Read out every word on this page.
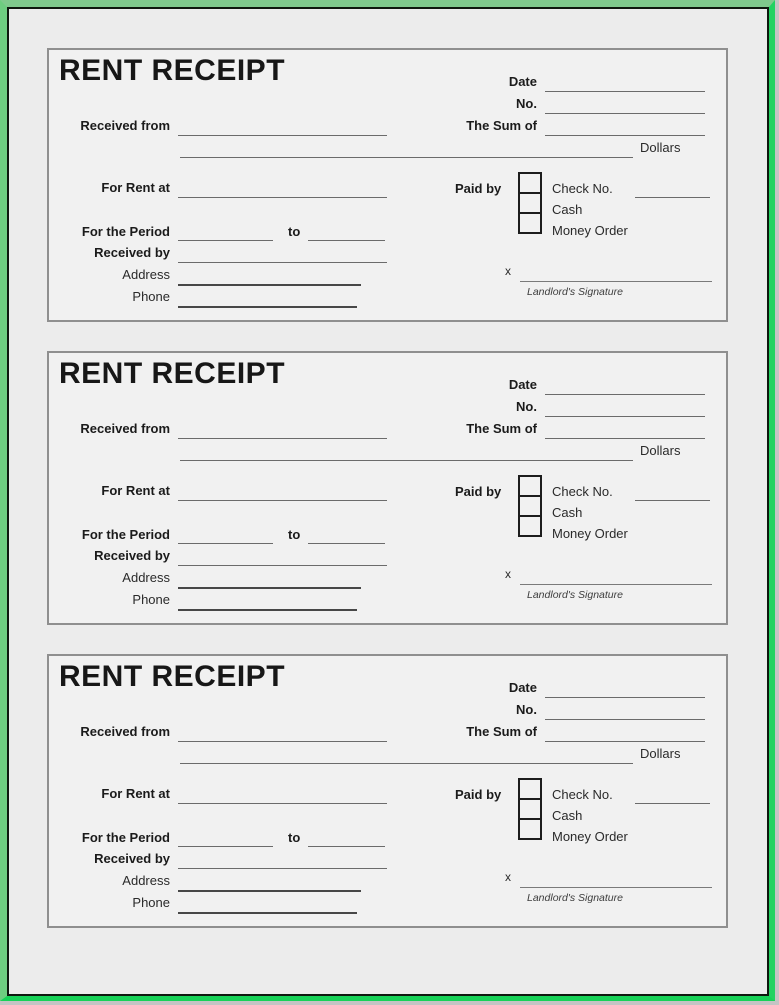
RENT RECEIPT	Date
No.
The Sum of
Received from
Dollars
For Rent at	Paid by	Check No.
Cash
Money Order
For the Period	to
Received by
Address
Phone
x
Landlord's Signature
RENT RECEIPT	Date
No.
The Sum of
Received from
Dollars
For Rent at	Paid by	Check No.
Cash
Money Order
For the Period	to
Received by
Address
Phone
x
Landlord's Signature
RENT RECEIPT	Date
No.
The Sum of
Received from
Dollars
For Rent at	Paid by	Check No.
Cash
Money Order
For the Period	to
Received by
Address
Phone
x
Landlord's Signature
